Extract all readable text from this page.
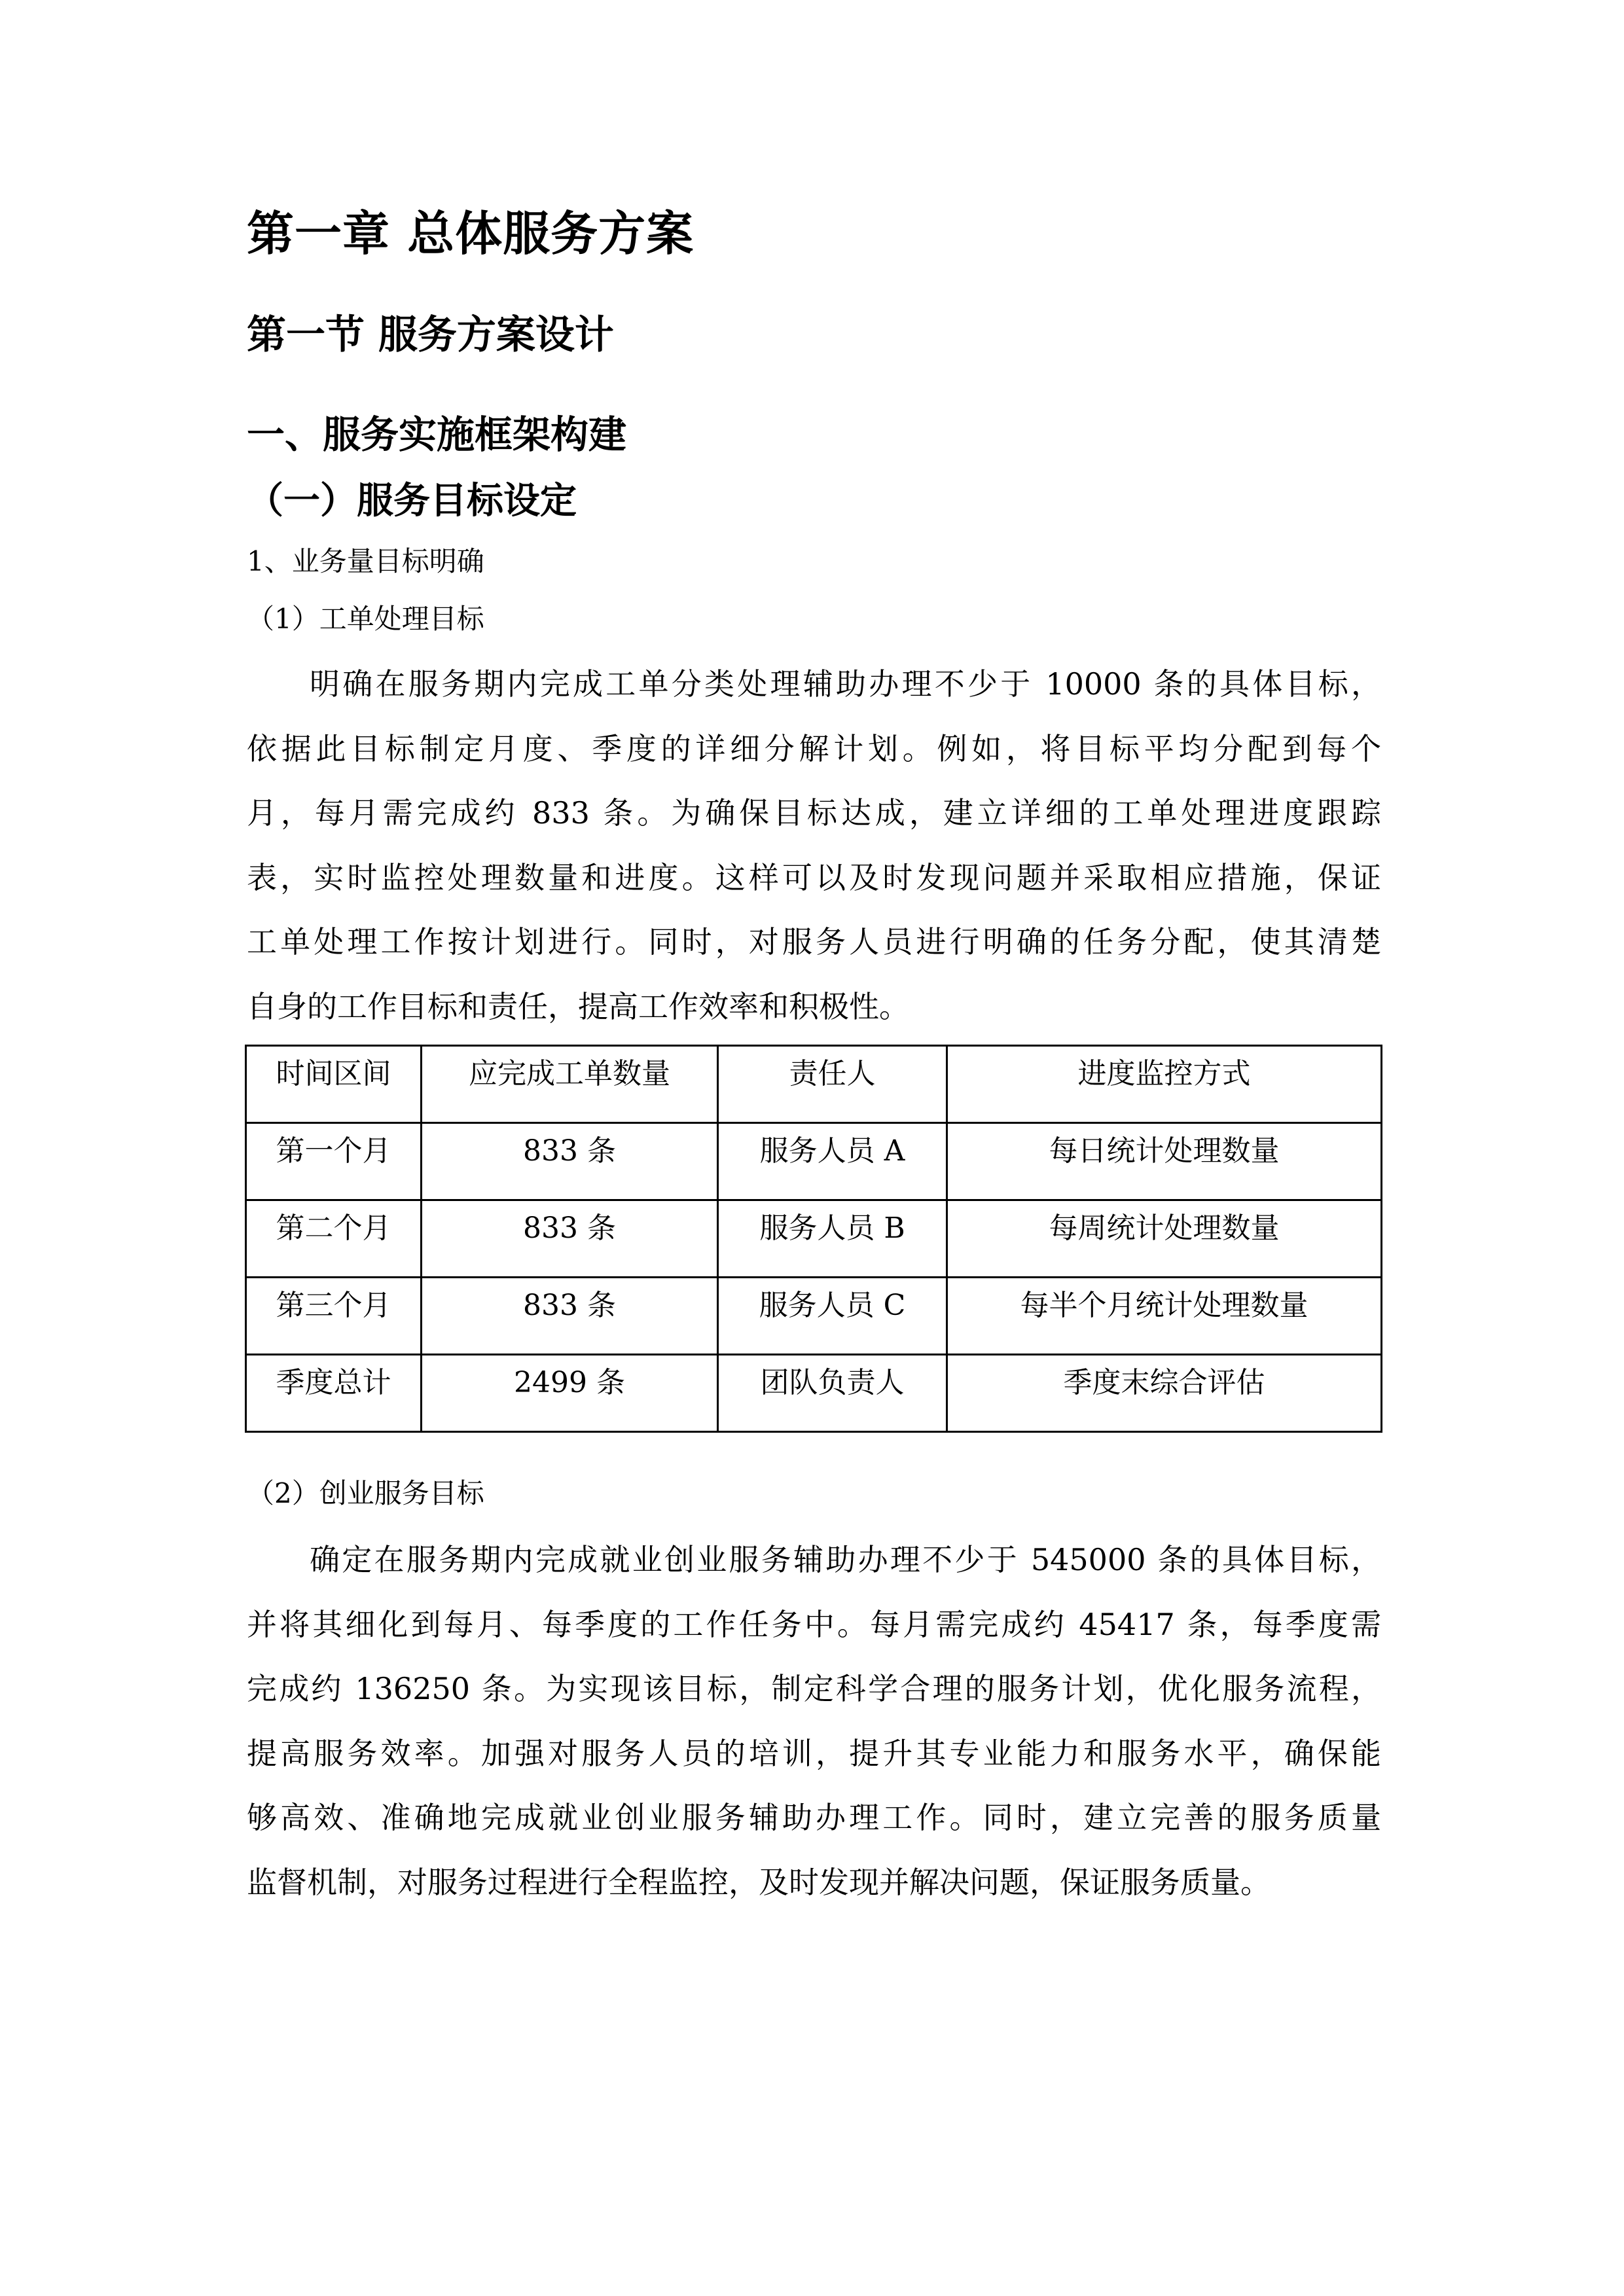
第一章 总体服务方案
第一节 服务方案设计
一、服务实施框架构建
（一）服务目标设定
1、业务量目标明确
（1）工单处理目标
明确在服务期内完成工单分类处理辅助办理不少于 10000 条的具体目标，
依据此目标制定月度、季度的详细分解计划。例如，将目标平均分配到每个
月，每月需完成约 833 条。为确保目标达成，建立详细的工单处理进度跟踪
表，实时监控处理数量和进度。这样可以及时发现问题并采取相应措施，保证
工单处理工作按计划进行。同时，对服务人员进行明确的任务分配，使其清楚
自身的工作目标和责任，提高工作效率和积极性。
时间区间	应完成工单数量	责任人	进度监控方式
第一个月	833 条	服务人员 A	每日统计处理数量
第二个月	833 条	服务人员 B	每周统计处理数量
第三个月	833 条	服务人员 C	每半个月统计处理数量
季度总计	2499 条	团队负责人	季度末综合评估
（2）创业服务目标
确定在服务期内完成就业创业服务辅助办理不少于 545000 条的具体目标，
并将其细化到每月、每季度的工作任务中。每月需完成约 45417 条，每季度需
完成约 136250 条。为实现该目标，制定科学合理的服务计划，优化服务流程，
提高服务效率。加强对服务人员的培训，提升其专业能力和服务水平，确保能
够高效、准确地完成就业创业服务辅助办理工作。同时，建立完善的服务质量
监督机制，对服务过程进行全程监控，及时发现并解决问题，保证服务质量。
